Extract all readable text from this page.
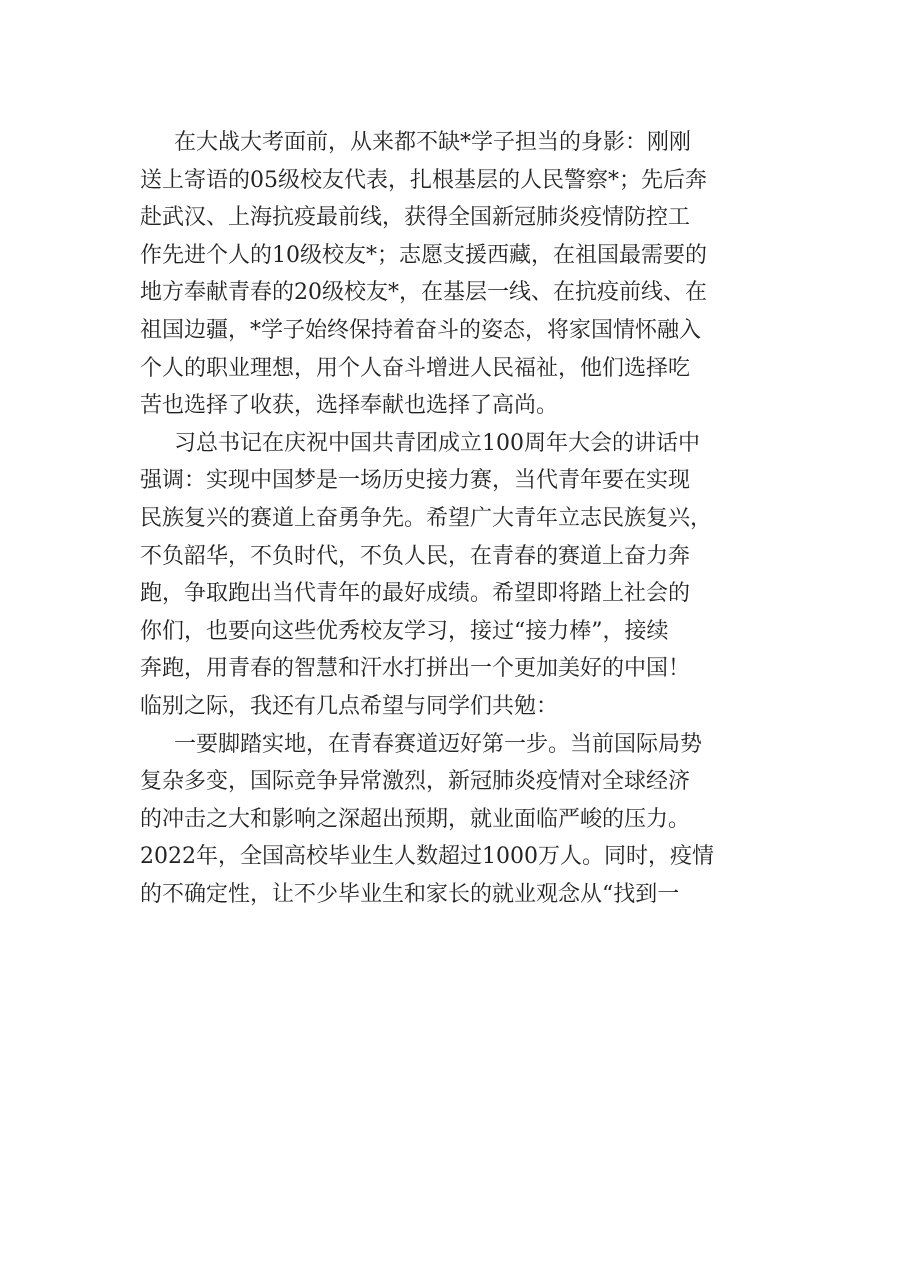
在大战大考面前，从来都不缺*学子担当的身影：刚刚
送上寄语的05级校友代表，扎根基层的人民警察*；先后奔
赴武汉、上海抗疫最前线，获得全国新冠肺炎疫情防控工
作先进个人的10级校友*；志愿支援西藏，在祖国最需要的
地方奉献青春的20级校友*，在基层一线、在抗疫前线、在
祖国边疆，*学子始终保持着奋斗的姿态，将家国情怀融入
个人的职业理想，用个人奋斗增进人民福祉，他们选择吃
苦也选择了收获，选择奉献也选择了高尚。
习总书记在庆祝中国共青团成立100周年大会的讲话中
强调：实现中国梦是一场历史接力赛，当代青年要在实现
民族复兴的赛道上奋勇争先。希望广大青年立志民族复兴，
不负韶华，不负时代，不负人民，在青春的赛道上奋力奔
跑，争取跑出当代青年的最好成绩。希望即将踏上社会的
你们，也要向这些优秀校友学习，接过“接力棒”，接续
奔跑，用青春的智慧和汗水打拼出一个更加美好的中国！
临别之际，我还有几点希望与同学们共勉：
一要脚踏实地，在青春赛道迈好第一步。当前国际局势
复杂多变，国际竞争异常激烈，新冠肺炎疫情对全球经济
的冲击之大和影响之深超出预期，就业面临严峻的压力。
2022年，全国高校毕业生人数超过1000万人。同时，疫情
的不确定性，让不少毕业生和家长的就业观念从“找到一
